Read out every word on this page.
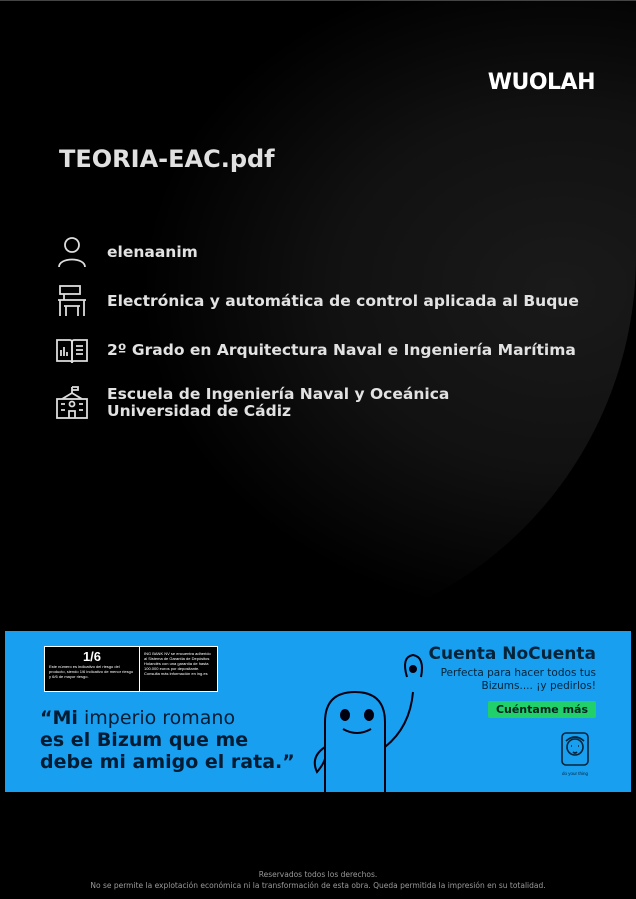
WUOLAH
TEORIA-EAC.pdf
elenaanim
Electrónica y automática de control aplicada al Buque
2º Grado en Arquitectura Naval e Ingeniería Marítima
Escuela de Ingeniería Naval y Oceánica
Universidad de Cádiz
1/6
Este número es indicativo del riesgo del producto, siendo 1/6 indicativo de menor riesgo y 6/6 de mayor riesgo.
ING BANK NV se encuentra adherido al Sistema de Garantía de Depósitos Holandés con una garantía de hasta 100.000 euros por depositante. Consulta más información en ing.es
“Mi imperio romano
es el Bizum que me
debe mi amigo el rata.”
Cuenta NoCuenta
Perfecta para hacer todos tus Bizums.... ¡y pedirlos!
Cuéntame más
do your thing
Reservados todos los derechos.
No se permite la explotación económica ni la transformación de esta obra. Queda permitida la impresión en su totalidad.
